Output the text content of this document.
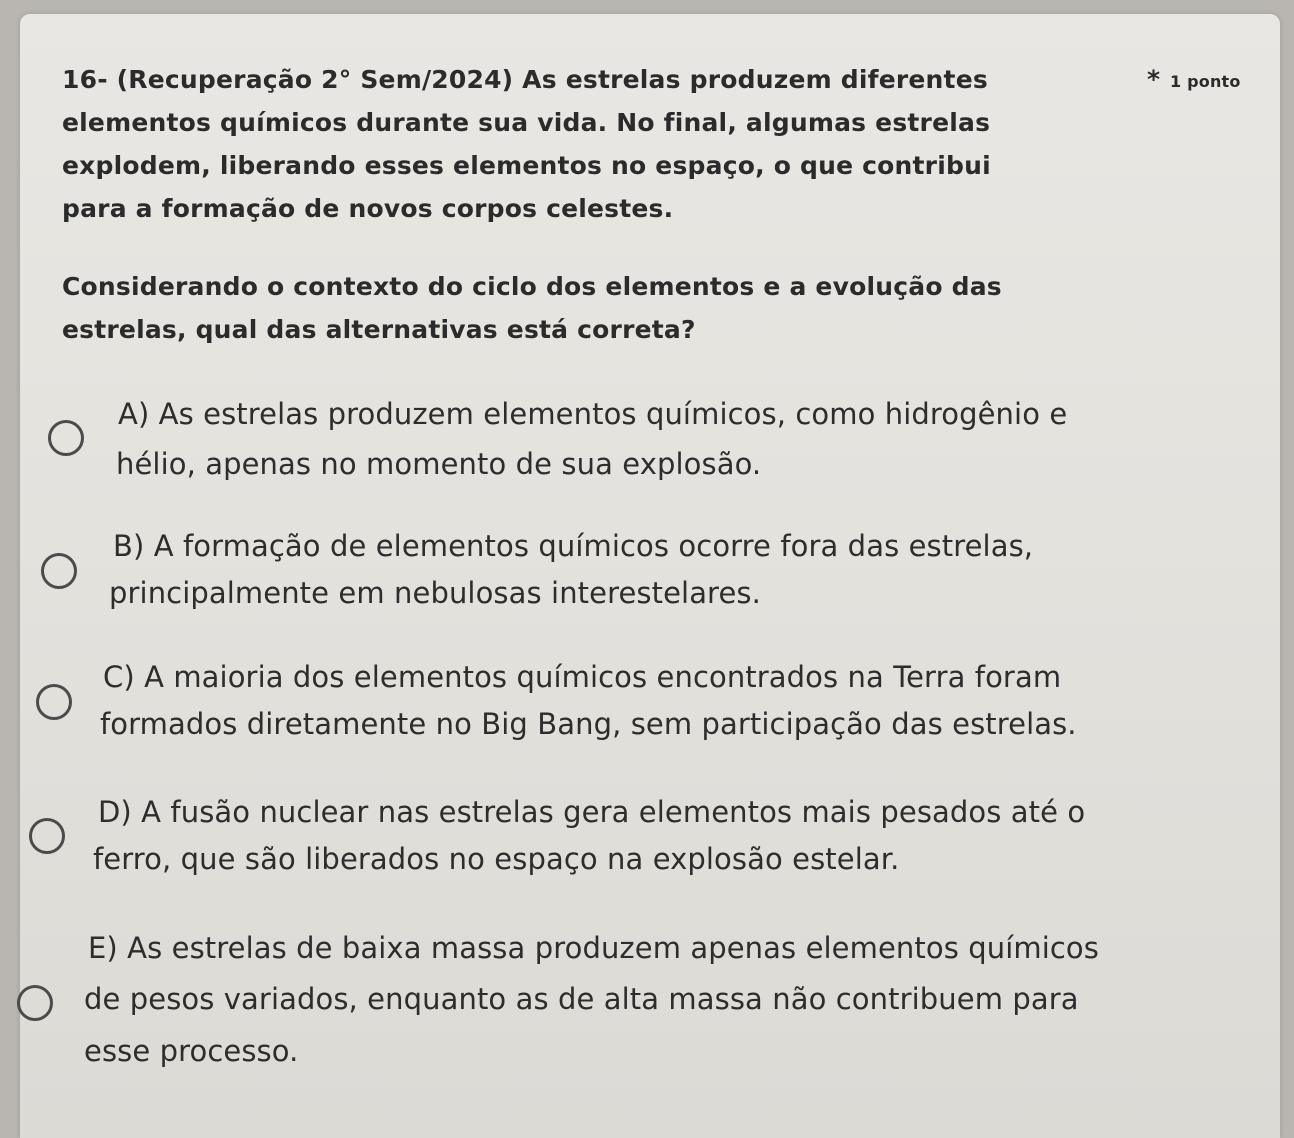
16- (Recuperação 2° Sem/2024) As estrelas produzem diferentes	* 1 ponto
elementos químicos durante sua vida. No final, algumas estrelas
explodem, liberando esses elementos no espaço, o que contribui
para a formação de novos corpos celestes.
Considerando o contexto do ciclo dos elementos e a evolução das
estrelas, qual das alternativas está correta?
A) As estrelas produzem elementos químicos, como hidrogênio e
hélio, apenas no momento de sua explosão.
B) A formação de elementos químicos ocorre fora das estrelas,
principalmente em nebulosas interestelares.
C) A maioria dos elementos químicos encontrados na Terra foram
formados diretamente no Big Bang, sem participação das estrelas.
D) A fusão nuclear nas estrelas gera elementos mais pesados até o
ferro, que são liberados no espaço na explosão estelar.
E) As estrelas de baixa massa produzem apenas elementos químicos
de pesos variados, enquanto as de alta massa não contribuem para
esse processo.
